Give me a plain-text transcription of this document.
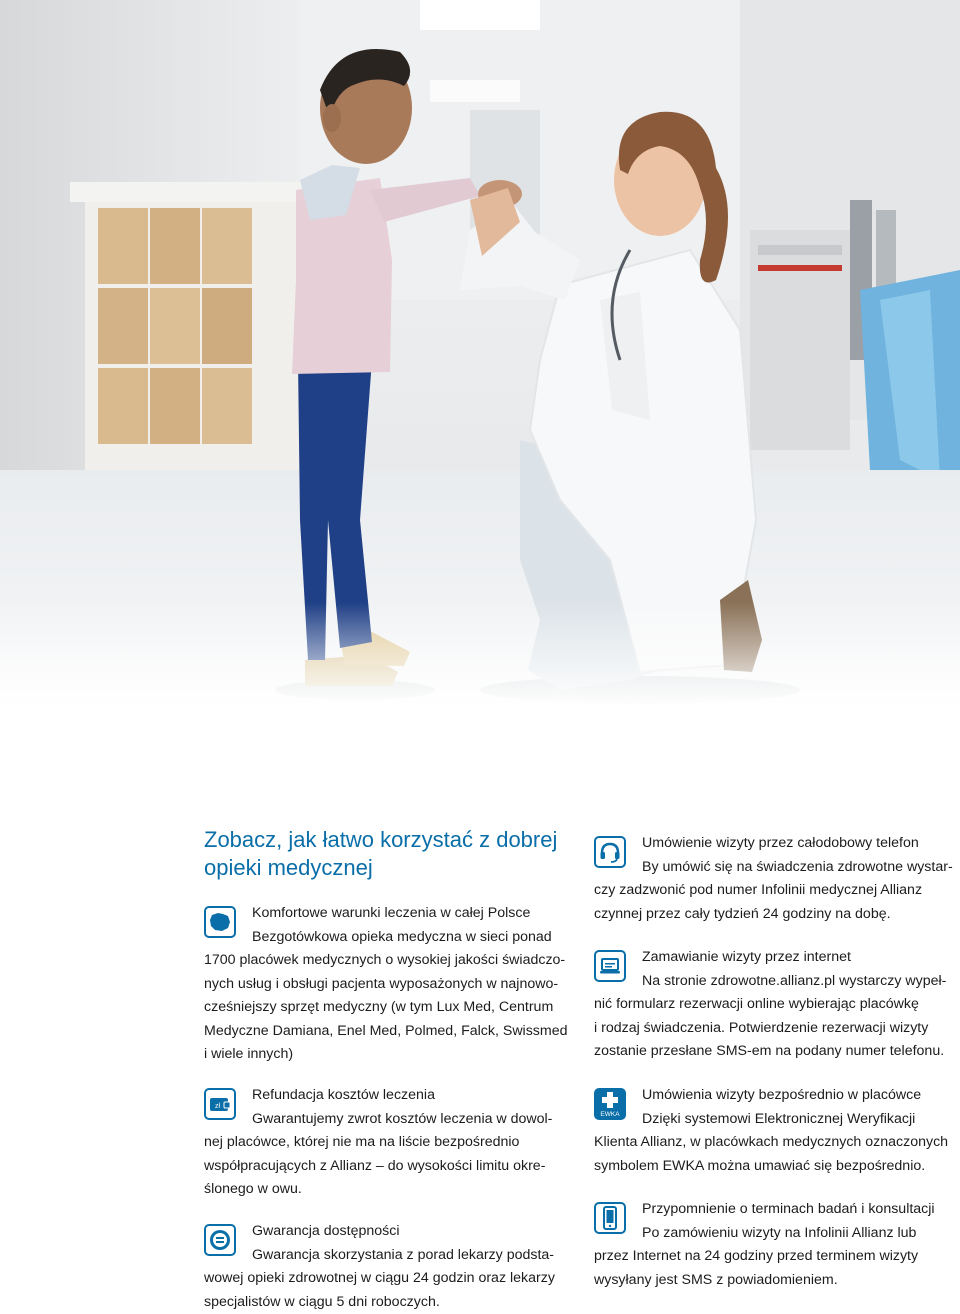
Zobacz, jak łatwo korzystać z dobrej
opieki medycznej
Komfortowe warunki leczenia w całej Polsce
Bezgotówkowa opieka medyczna w sieci ponad
1700 placówek medycznych o wysokiej jakości świadczo-
nych usług i obsługi pacjenta wyposażonych w najnowo-
cześniejszy sprzęt medyczny (w tym Lux Med, Centrum
Medyczne Damiana, Enel Med, Polmed, Falck, Swissmed
i wiele innych)
zł
Refundacja kosztów leczenia
Gwarantujemy zwrot kosztów leczenia w dowol-
nej placówce, której nie ma na liście bezpośrednio
współpracujących z Allianz – do wysokości limitu okre-
ślonego w owu.
Gwarancja dostępności
Gwarancja skorzystania z porad lekarzy podsta-
wowej opieki zdrowotnej w ciągu 24 godzin oraz lekarzy
specjalistów w ciągu 5 dni roboczych.
Umówienie wizyty przez całodobowy telefon
By umówić się na świadczenia zdrowotne wystar-
czy zadzwonić pod numer Infolinii medycznej Allianz
czynnej przez cały tydzień 24 godziny na dobę.
Zamawianie wizyty przez internet
Na stronie zdrowotne.allianz.pl wystarczy wypeł-
nić formularz rezerwacji online wybierając placówkę
i rodzaj świadczenia. Potwierdzenie rezerwacji wizyty
zostanie przesłane SMS-em na podany numer telefonu.
EWKA
Umówienia wizyty bezpośrednio w placówce
Dzięki systemowi Elektronicznej Weryfikacji
Klienta Allianz, w placówkach medycznych oznaczonych
symbolem EWKA można umawiać się bezpośrednio.
Przypomnienie o terminach badań i konsultacji
Po zamówieniu wizyty na Infolinii Allianz lub
przez Internet na 24 godziny przed terminem wizyty
wysyłany jest SMS z powiadomieniem.
